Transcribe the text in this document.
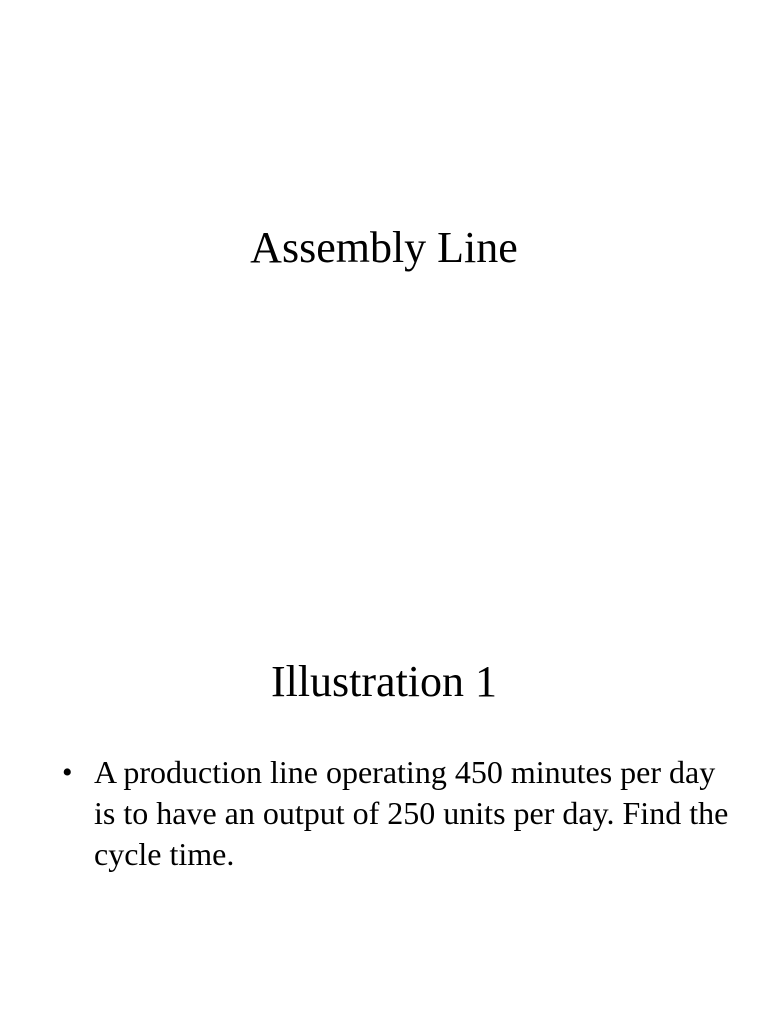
Assembly Line
Illustration 1
• A production line operating 450 minutes per day is to have an output of 250 units per day. Find the cycle time.
